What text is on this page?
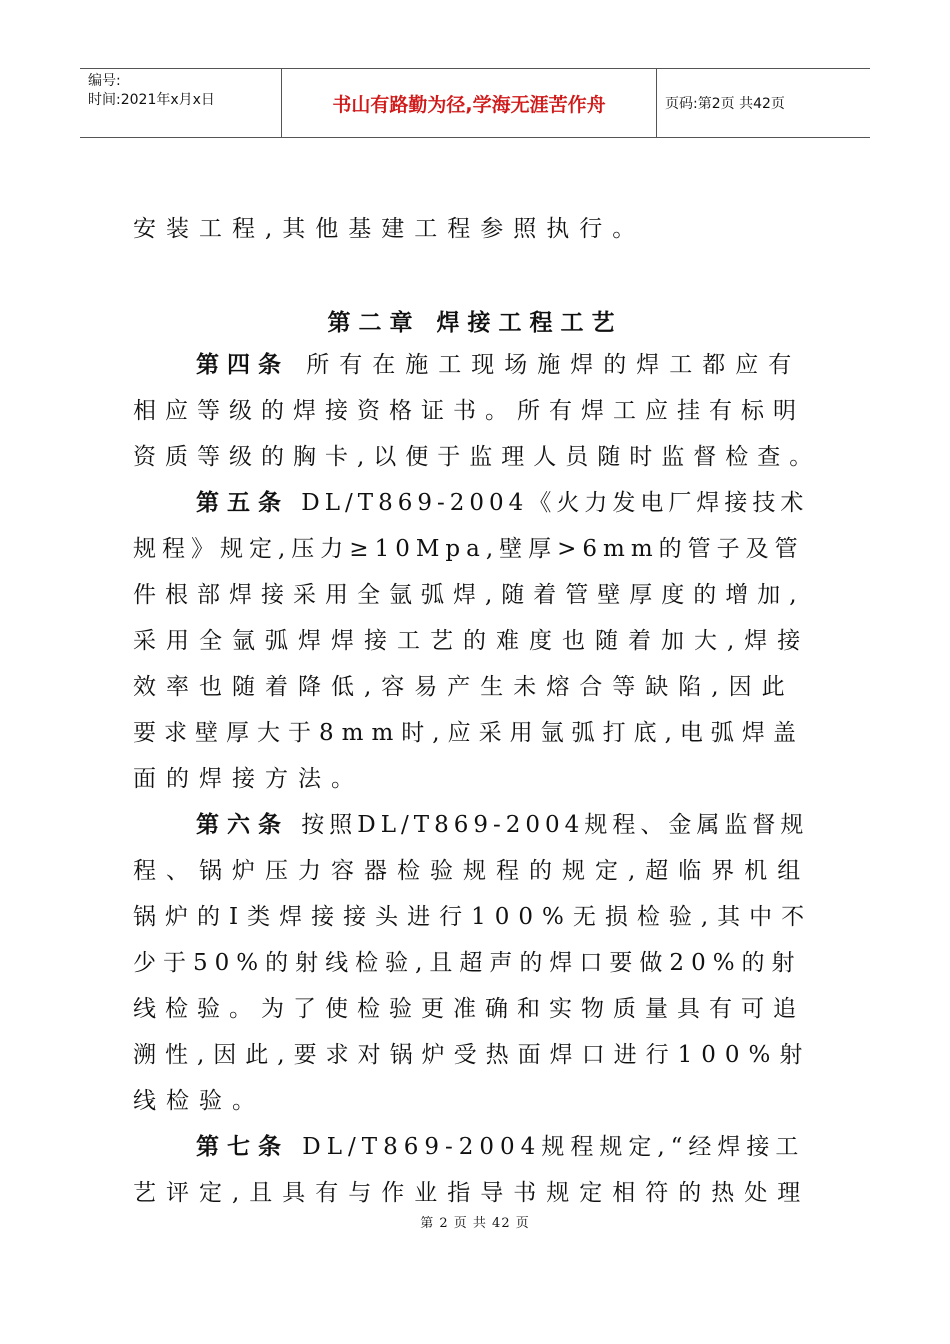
编号:
时间:2021年x月x日	书山有路勤为径,学海无涯苦作舟	页码:第2页 共42页
第二章 焊接工程工艺
安装工程,其他基建工程参照执行。
第四条 所有在施工现场施焊的焊工都应有
相应等级的焊接资格证书。所有焊工应挂有标明
资质等级的胸卡,以便于监理人员随时监督检查。
第五条 DL/T869-2004《火力发电厂焊接技术
规程》规定,压力≥10Mpa,壁厚>6mm的管子及管
件根部焊接采用全氩弧焊,随着管壁厚度的增加,
采用全氩弧焊焊接工艺的难度也随着加大,焊接
效率也随着降低,容易产生未熔合等缺陷,因此
要求壁厚大于8mm时,应采用氩弧打底,电弧焊盖
面的焊接方法。
第六条 按照DL/T869-2004规程、金属监督规
程、锅炉压力容器检验规程的规定,超临界机组
锅炉的Ⅰ类焊接接头进行100%无损检验,其中不
少于50%的射线检验,且超声的焊口要做20%的射
线检验。为了使检验更准确和实物质量具有可追
溯性,因此,要求对锅炉受热面焊口进行100%射
线检验。
第七条 DL/T869-2004规程规定,“经焊接工
艺评定,且具有与作业指导书规定相符的热处理
第 2 页 共 42 页
